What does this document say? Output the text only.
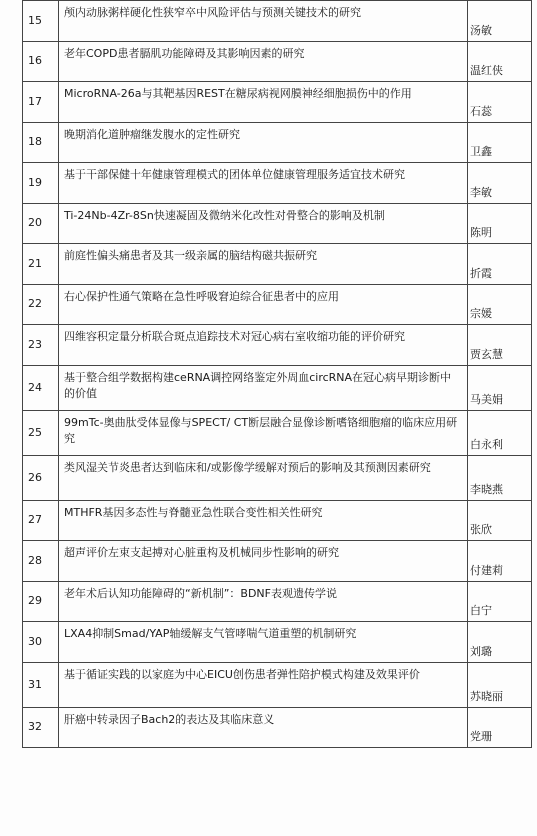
15	颅内动脉粥样硬化性狭窄卒中风险评估与预测关键技术的研究	汤敏
16	老年COPD患者膈肌功能障碍及其影响因素的研究	温红侠
17	MicroRNA-26a与其靶基因REST在糖尿病视网膜神经细胞损伤中的作用	石蕊
18	晚期消化道肿瘤继发腹水的定性研究	卫鑫
19	基于干部保健十年健康管理模式的团体单位健康管理服务适宜技术研究	李敏
20	Ti-24Nb-4Zr-8Sn快速凝固及微纳米化改性对骨整合的影响及机制	陈明
21	前庭性偏头痛患者及其一级亲属的脑结构磁共振研究	折霞
22	右心保护性通气策略在急性呼吸窘迫综合征患者中的应用	宗媛
23	四维容积定量分析联合斑点追踪技术对冠心病右室收缩功能的评价研究	贾玄慧
24	基于整合组学数据构建ceRNA调控网络鉴定外周血circRNA在冠心病早期诊断中的价值	马美娟
25	99mTc-奥曲肽受体显像与SPECT/ CT断层融合显像诊断嗜铬细胞瘤的临床应用研究	白永利
26	类风湿关节炎患者达到临床和/或影像学缓解对预后的影响及其预测因素研究	李晓燕
27	MTHFR基因多态性与脊髓亚急性联合变性相关性研究	张欣
28	超声评价左束支起搏对心脏重构及机械同步性影响的研究	付建莉
29	老年术后认知功能障碍的“新机制”：BDNF表观遗传学说	白宁
30	LXA4抑制Smad/YAP轴缓解支气管哮喘气道重塑的机制研究	刘璐
31	基于循证实践的以家庭为中心EICU创伤患者弹性陪护模式构建及效果评价	苏晓丽
32	肝癌中转录因子Bach2的表达及其临床意义	党珊
